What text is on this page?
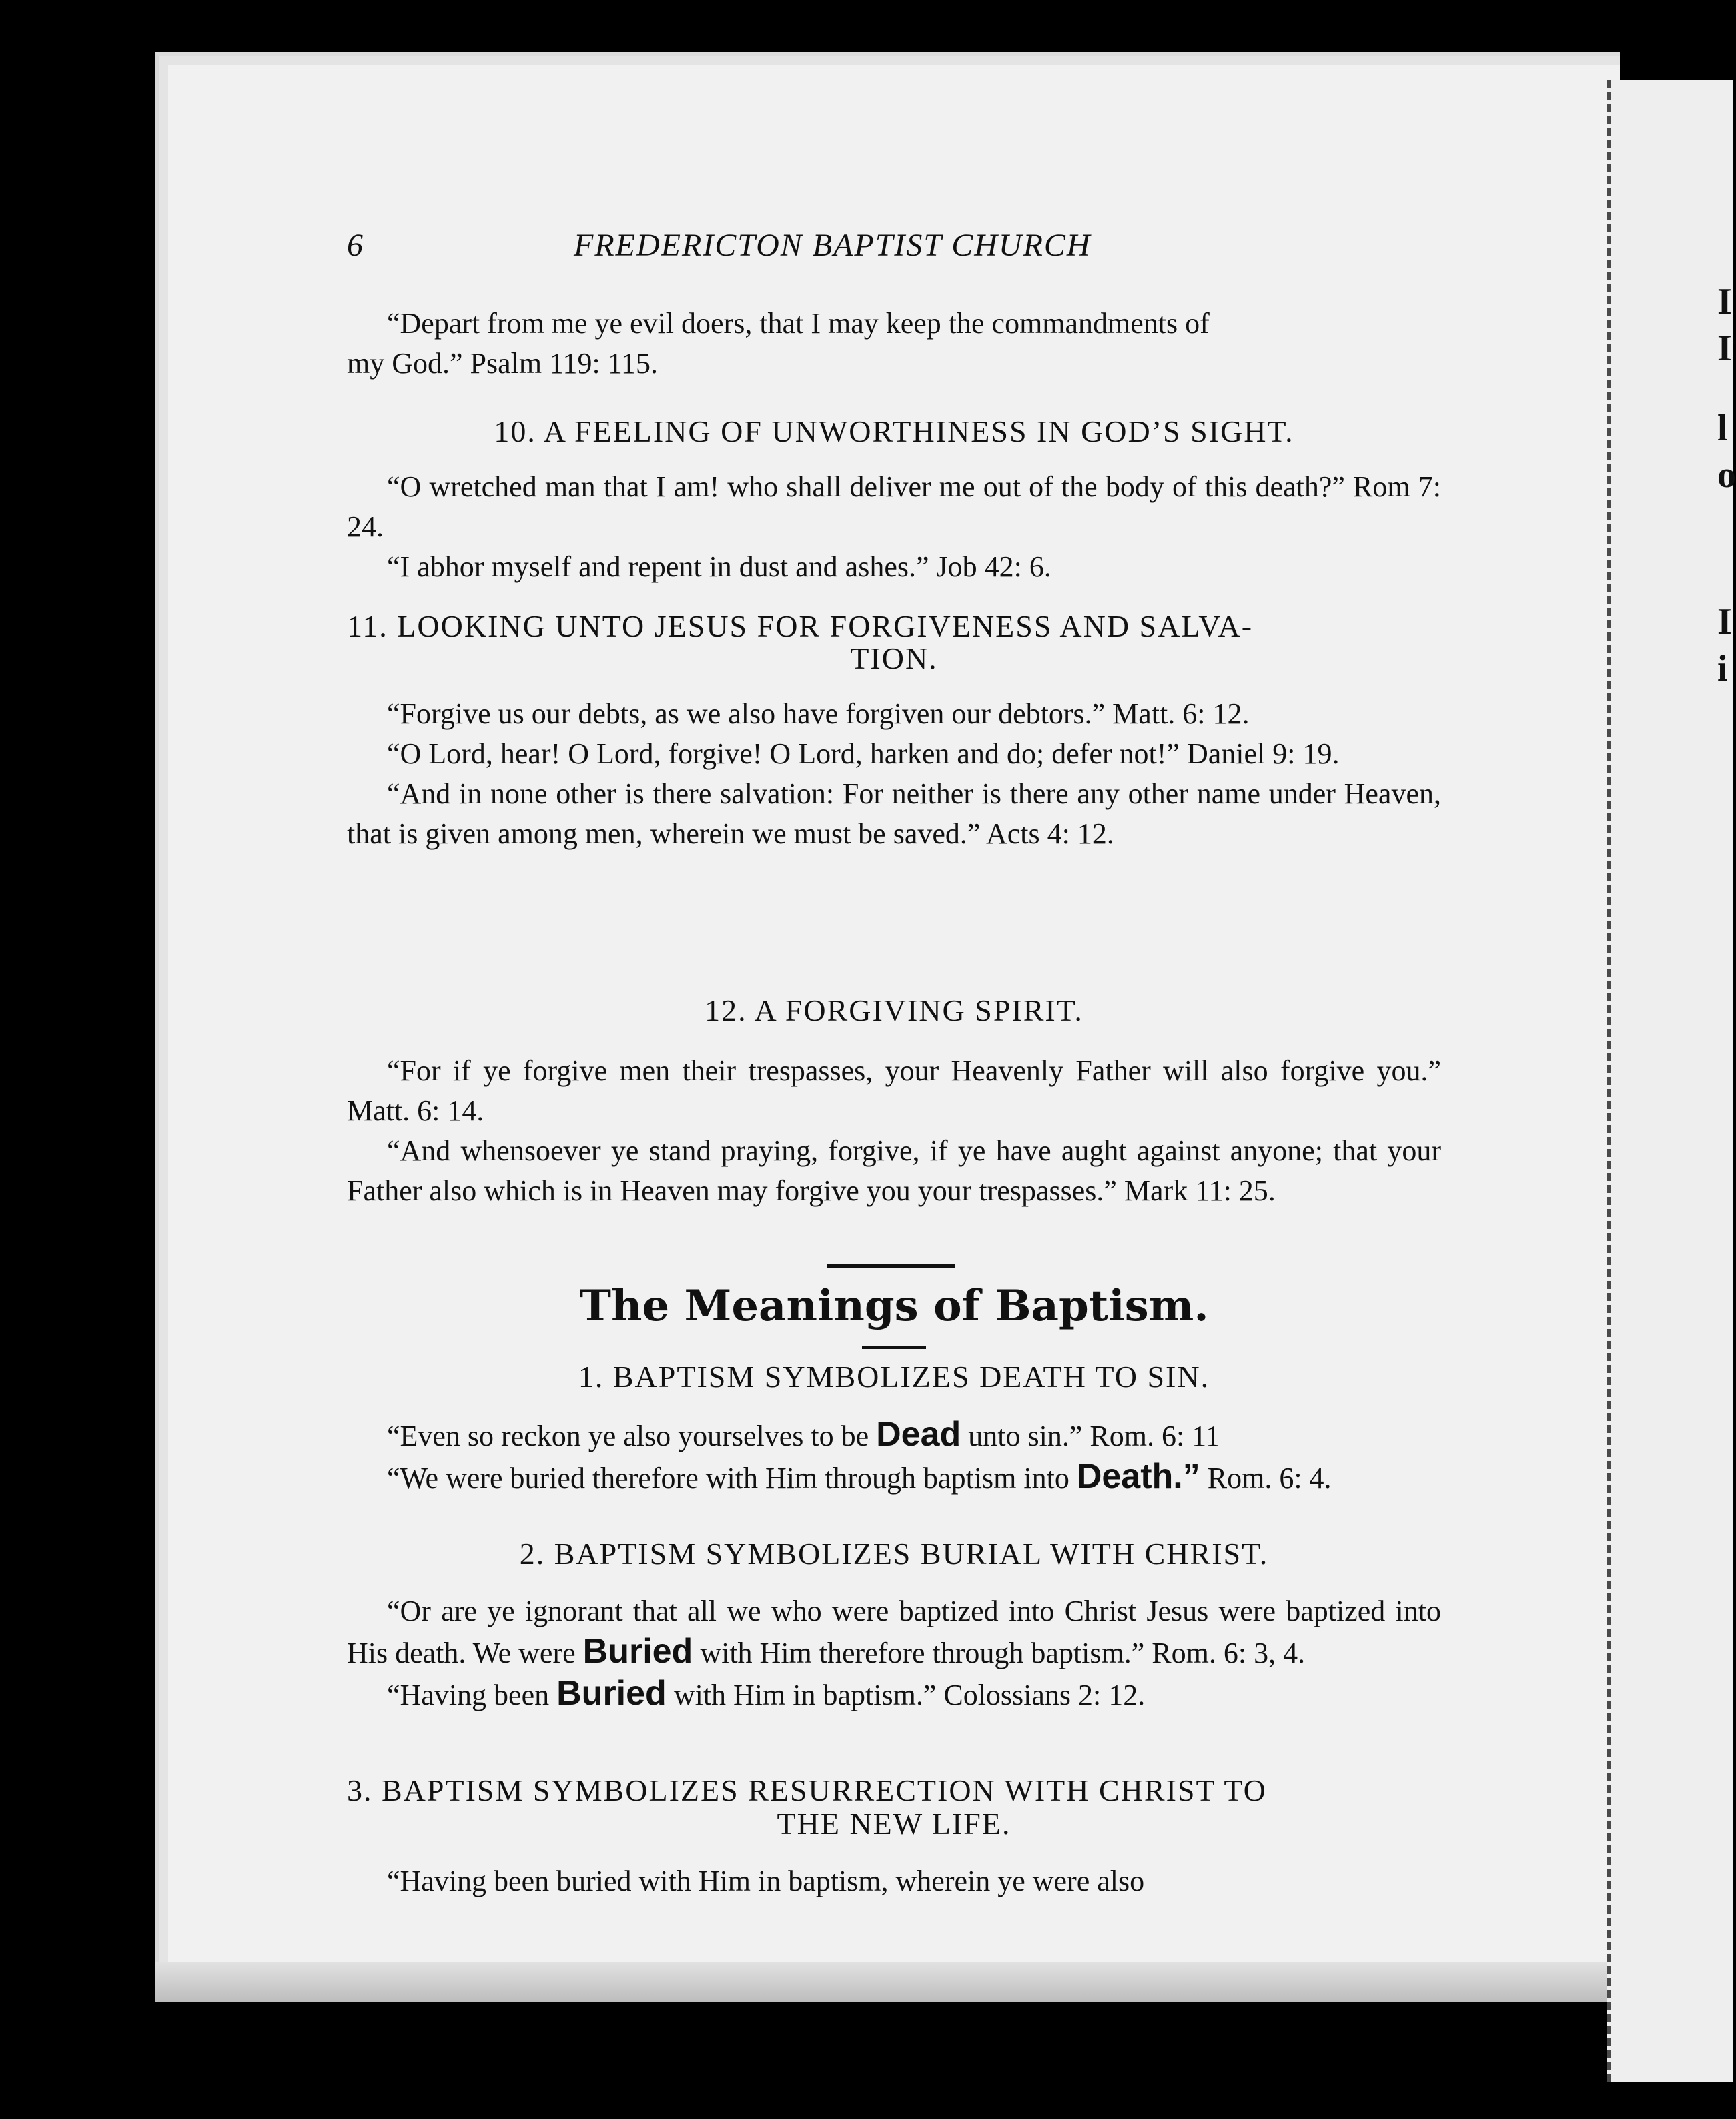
I
I
l
o
I
i
6	FREDERICTON BAPTIST CHURCH

“Depart from me ye evil doers, that I may keep the commandments of

my God.” Psalm 119: 115.

10. A FEELING OF UNWORTHINESS IN GOD’S SIGHT.

“O wretched man that I am! who shall deliver me out of the body of this death?” Rom 7: 24.

“I abhor myself and repent in dust and ashes.” Job 42: 6.

11. LOOKING UNTO JESUS FOR FORGIVENESS AND SALVA-
TION.

“Forgive us our debts, as we also have forgiven our debtors.” Matt. 6: 12.

“O Lord, hear! O Lord, forgive! O Lord, harken and do; defer not!” Daniel 9: 19.

“And in none other is there salvation: For neither is there any other name under Heaven, that is given among men, wherein we must be saved.” Acts 4: 12.

12. A FORGIVING SPIRIT.

“For if ye forgive men their trespasses, your Heavenly Father will also forgive you.” Matt. 6: 14.

“And whensoever ye stand praying, forgive, if ye have aught against anyone; that your Father also which is in Heaven may forgive you your trespasses.” Mark 11: 25.

The Meanings of Baptism.
1. BAPTISM SYMBOLIZES DEATH TO SIN.

“Even so reckon ye also yourselves to be Dead unto sin.” Rom. 6: 11

“We were buried therefore with Him through baptism into Death.” Rom. 6: 4.

2. BAPTISM SYMBOLIZES BURIAL WITH CHRIST.

“Or are ye ignorant that all we who were baptized into Christ Jesus were baptized into His death. We were Buried with Him therefore through baptism.” Rom. 6: 3, 4.

“Having been Buried with Him in baptism.” Colossians 2: 12.

3. BAPTISM SYMBOLIZES RESURRECTION WITH CHRIST TO
THE NEW LIFE.

“Having been buried with Him in baptism, wherein ye were also
